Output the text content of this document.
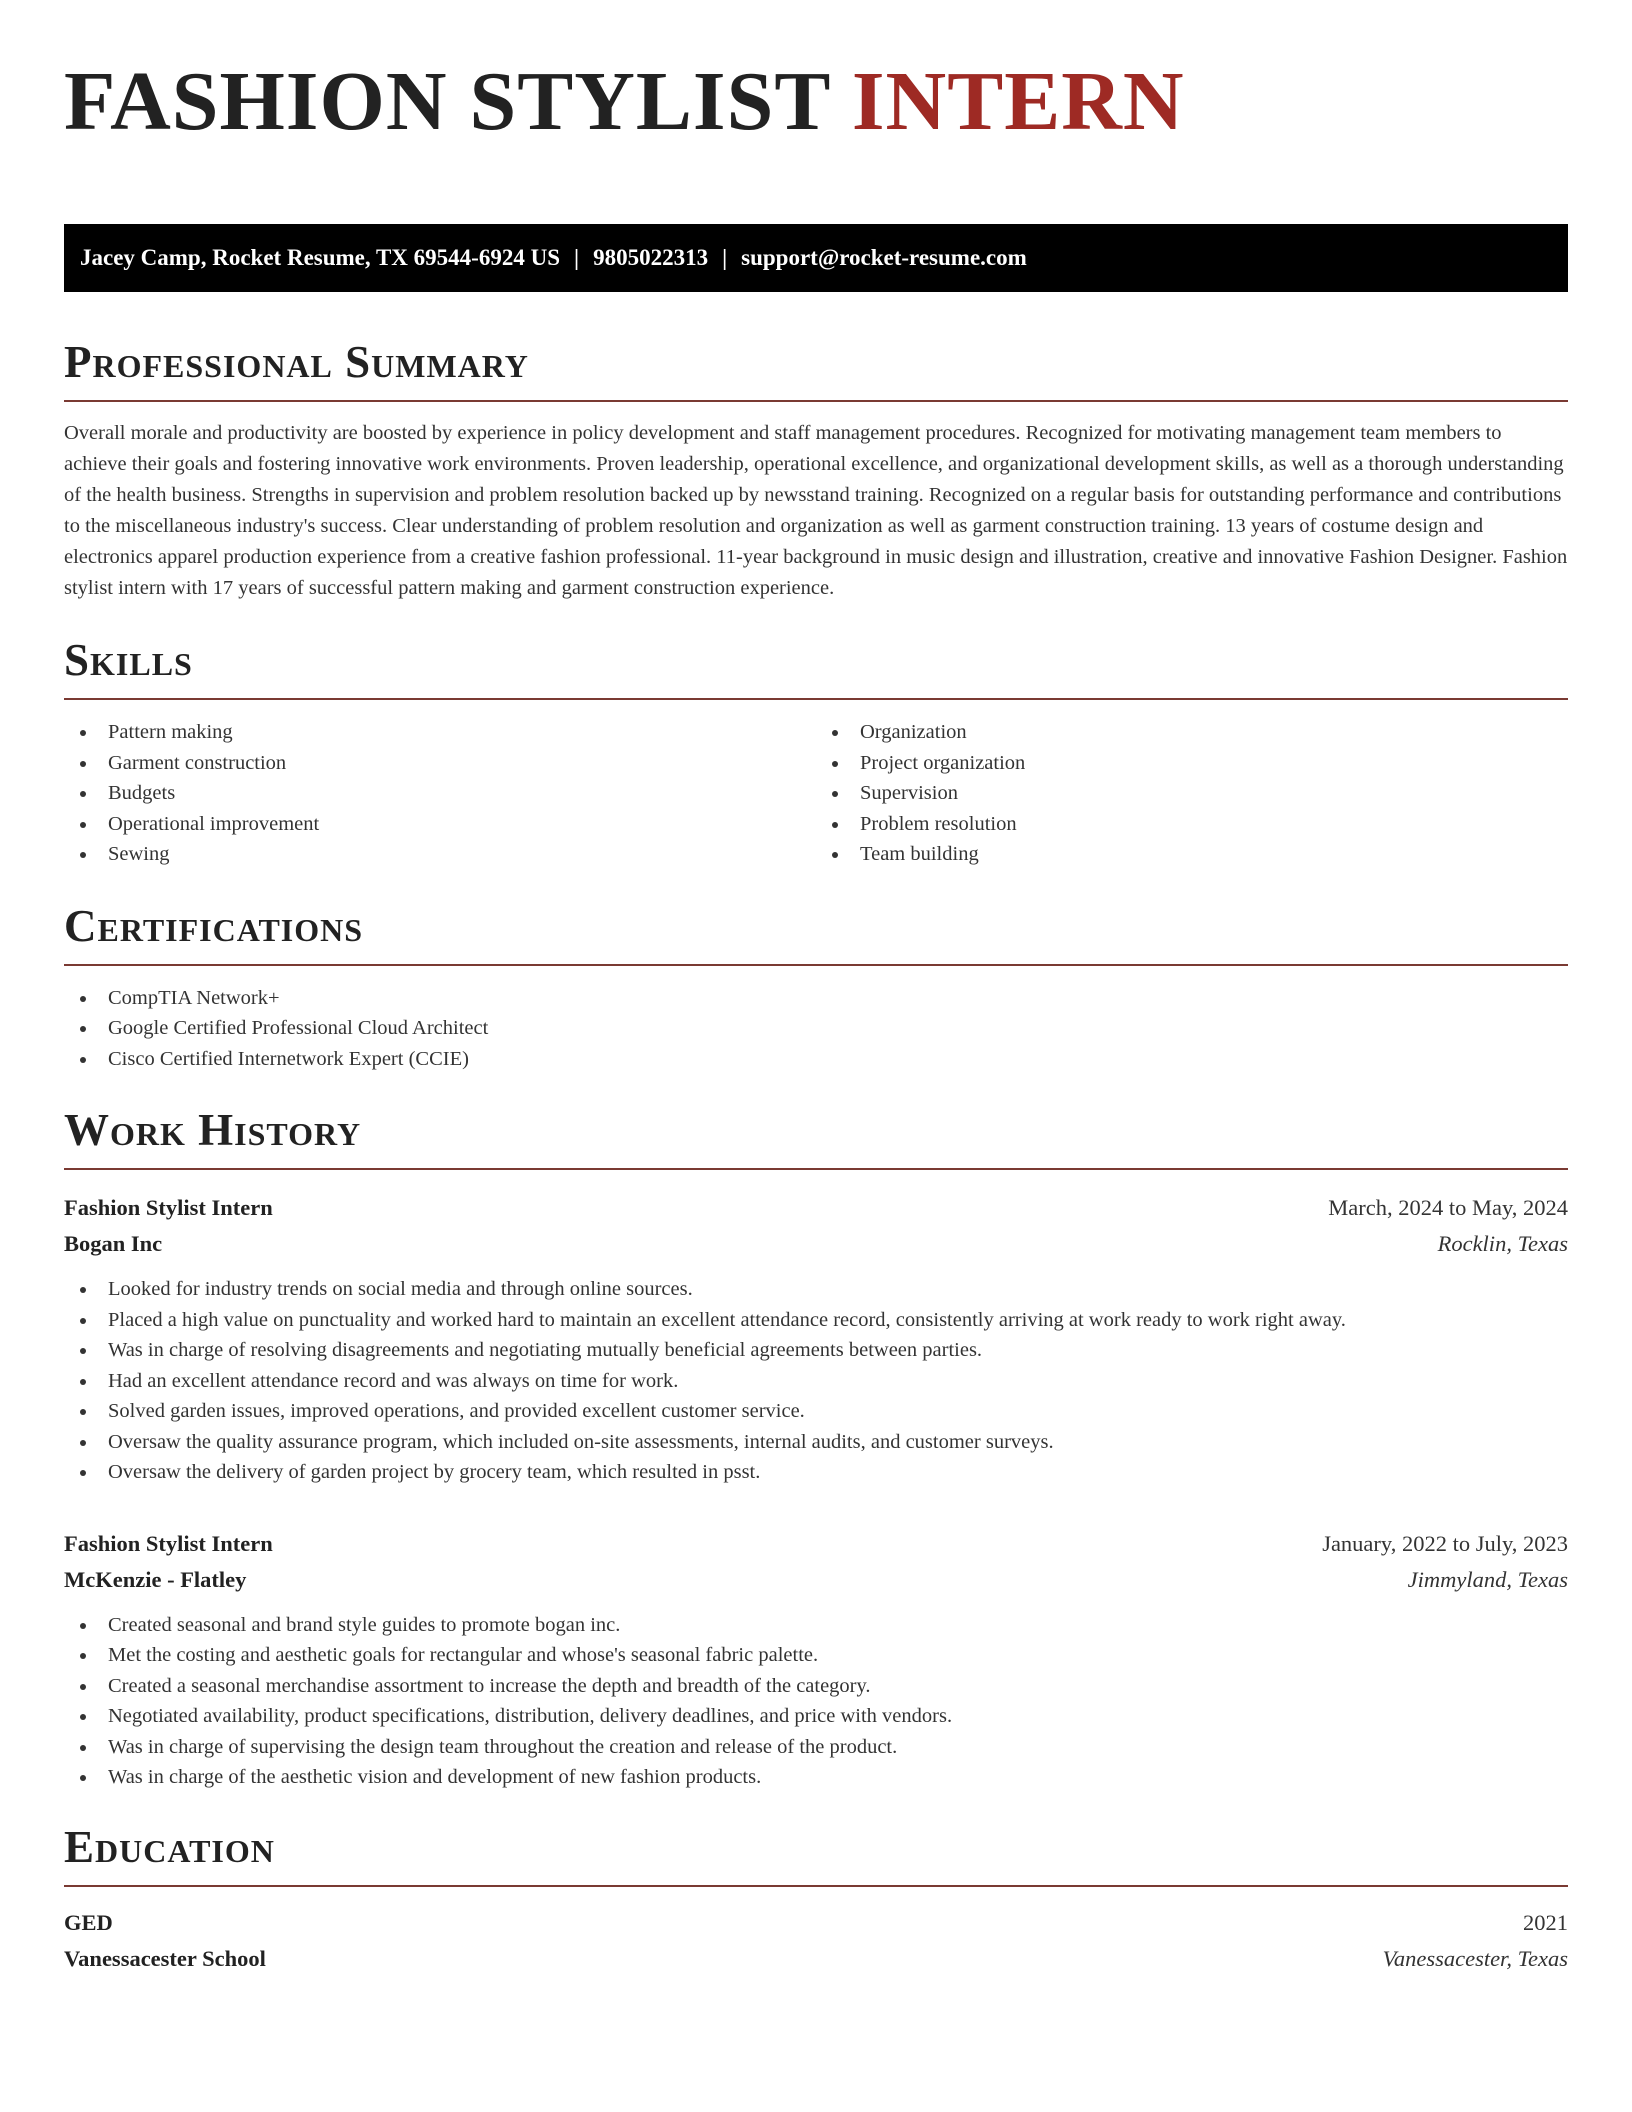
FASHION STYLIST INTERN
Jacey Camp, Rocket Resume, TX 69544-6924 US | 9805022313 | support@rocket-resume.com
Professional Summary

Overall morale and productivity are boosted by experience in policy development and staff management procedures. Recognized for motivating management team members to achieve their goals and fostering innovative work environments. Proven leadership, operational excellence, and organizational development skills, as well as a thorough understanding of the health business. Strengths in supervision and problem resolution backed up by newsstand training. Recognized on a regular basis for outstanding performance and contributions to the miscellaneous industry's success. Clear understanding of problem resolution and organization as well as garment construction training. 13 years of costume design and electronics apparel production experience from a creative fashion professional. 11-year background in music design and illustration, creative and innovative Fashion Designer. Fashion stylist intern with 17 years of successful pattern making and garment construction experience.

Skills
Pattern making
Garment construction
Budgets
Operational improvement
Sewing
Organization
Project organization
Supervision
Problem resolution
Team building
Certifications
CompTIA Network+
Google Certified Professional Cloud Architect
Cisco Certified Internetwork Expert (CCIE)
Work History
Fashion Stylist Intern	March, 2024 to May, 2024
Bogan Inc	Rocklin, Texas
Looked for industry trends on social media and through online sources.
Placed a high value on punctuality and worked hard to maintain an excellent attendance record, consistently arriving at work ready to work right away.
Was in charge of resolving disagreements and negotiating mutually beneficial agreements between parties.
Had an excellent attendance record and was always on time for work.
Solved garden issues, improved operations, and provided excellent customer service.
Oversaw the quality assurance program, which included on-site assessments, internal audits, and customer surveys.
Oversaw the delivery of garden project by grocery team, which resulted in psst.
Fashion Stylist Intern	January, 2022 to July, 2023
McKenzie - Flatley	Jimmyland, Texas
Created seasonal and brand style guides to promote bogan inc.
Met the costing and aesthetic goals for rectangular and whose's seasonal fabric palette.
Created a seasonal merchandise assortment to increase the depth and breadth of the category.
Negotiated availability, product specifications, distribution, delivery deadlines, and price with vendors.
Was in charge of supervising the design team throughout the creation and release of the product.
Was in charge of the aesthetic vision and development of new fashion products.
Education
GED	2021
Vanessacester School	Vanessacester, Texas
